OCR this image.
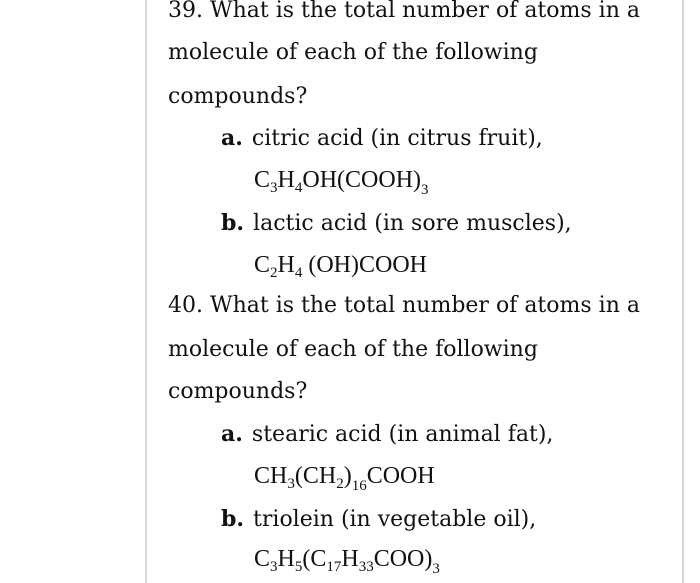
39. What is the total number of atoms in a
molecule of each of the following
compounds?
a. citric acid (in citrus fruit),
$C_3H_4OH(COOH)_3$
b. lactic acid (in sore muscles),
$C_2H_4$ (OH)COOH
40. What is the total number of atoms in a
molecule of each of the following
compounds?
a. stearic acid (in animal fat),
$CH_3(CH_2)_{16}COOH$
b. triolein (in vegetable oil),
$C_3H_5(C_{17}H_{33}COO)_3$
